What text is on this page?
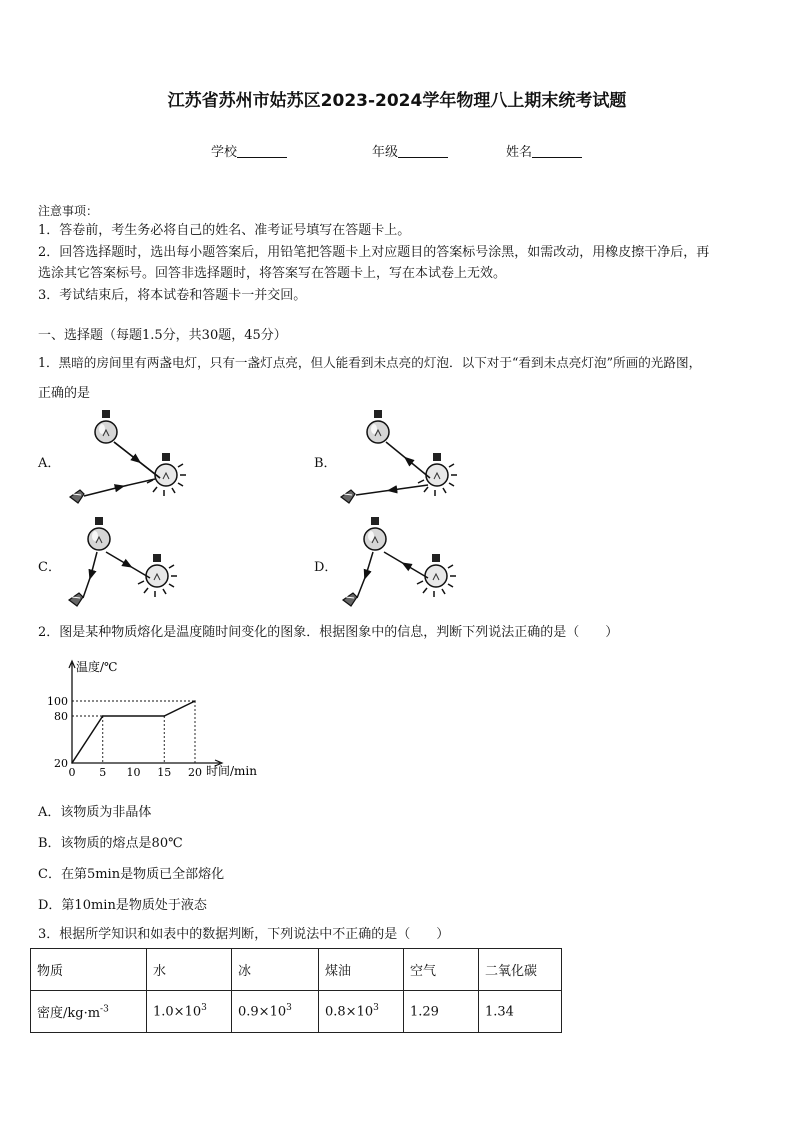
江苏省苏州市姑苏区2023-2024学年物理八上期末统考试题
学校	年级	姓名
注意事项：
1．答卷前，考生务必将自己的姓名、准考证号填写在答题卡上。
2．回答选择题时，选出每小题答案后，用铅笔把答题卡上对应题目的答案标号涂黑，如需改动，用橡皮擦干净后，再
选涂其它答案标号。回答非选择题时，将答案写在答题卡上，写在本试卷上无效。
3．考试结束后，将本试卷和答题卡一并交回。
一、选择题（每题1.5分，共30题，45分）
1．黑暗的房间里有两盏电灯，只有一盏灯点亮，但人能看到未点亮的灯泡．以下对于“看到未点亮灯泡”所画的光路图，
正确的是
A．	B．
C．	D．
2．图是某种物质熔化是温度随时间变化的图象．根据图象中的信息，判断下列说法正确的是（　　）
0 5 10 15 20
20
80
100
温度/℃
时间/min
A．该物质为非晶体
B．该物质的熔点是80℃
C．在第5min是物质已全部熔化
D．第10min是物质处于液态
3．根据所学知识和如表中的数据判断，下列说法中不正确的是（　　）
物质	水	冰	煤油	空气	二氧化碳
密度$/kg\cdot m^{-3}$	$1.0\times 10^3$	$0.9\times 10^3$	$0.8\times 10^3$	1.29	1.34
